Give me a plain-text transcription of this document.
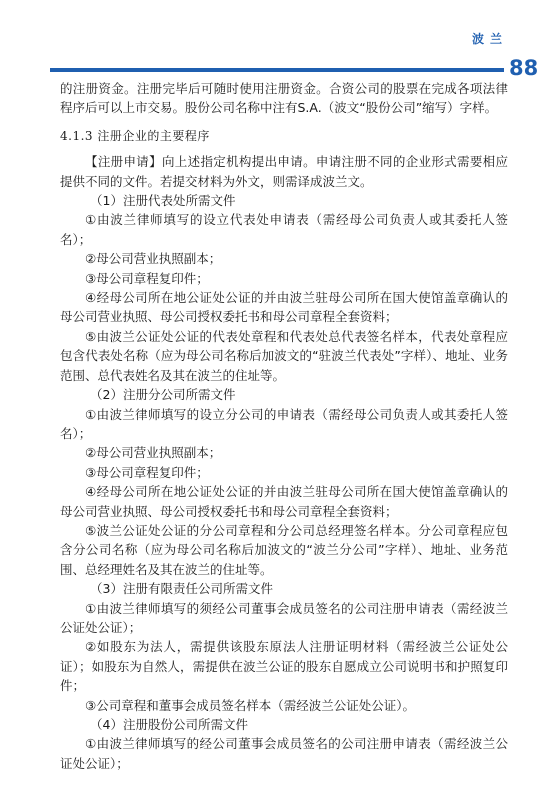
波兰
88

的注册资金。注册完毕后可随时使用注册资金。合资公司的股票在完成各项法律程序后可以上市交易。股份公司名称中注有S.A.（波文“股份公司”缩写）字样。

4.1.3 注册企业的主要程序

【注册申请】向上述指定机构提出申请。申请注册不同的企业形式需要相应提供不同的文件。若提交材料为外文，则需译成波兰文。

（1）注册代表处所需文件

①由波兰律师填写的设立代表处申请表（需经母公司负责人或其委托人签名）；

②母公司营业执照副本；

③母公司章程复印件；

④经母公司所在地公证处公证的并由波兰驻母公司所在国大使馆盖章确认的母公司营业执照、母公司授权委托书和母公司章程全套资料；

⑤由波兰公证处公证的代表处章程和代表处总代表签名样本，代表处章程应包含代表处名称（应为母公司名称后加波文的“驻波兰代表处”字样）、地址、业务范围、总代表姓名及其在波兰的住址等。

（2）注册分公司所需文件

①由波兰律师填写的设立分公司的申请表（需经母公司负责人或其委托人签名）；

②母公司营业执照副本；

③母公司章程复印件；

④经母公司所在地公证处公证的并由波兰驻母公司所在国大使馆盖章确认的母公司营业执照、母公司授权委托书和母公司章程全套资料；

⑤波兰公证处公证的分公司章程和分公司总经理签名样本。分公司章程应包含分公司名称（应为母公司名称后加波文的“波兰分公司”字样）、地址、业务范围、总经理姓名及其在波兰的住址等。

（3）注册有限责任公司所需文件

①由波兰律师填写的须经公司董事会成员签名的公司注册申请表（需经波兰公证处公证）；

②如股东为法人，需提供该股东原法人注册证明材料（需经波兰公证处公证）；如股东为自然人，需提供在波兰公证的股东自愿成立公司说明书和护照复印件；

③公司章程和董事会成员签名样本（需经波兰公证处公证）。

（4）注册股份公司所需文件

①由波兰律师填写的经公司董事会成员签名的公司注册申请表（需经波兰公证处公证）；
